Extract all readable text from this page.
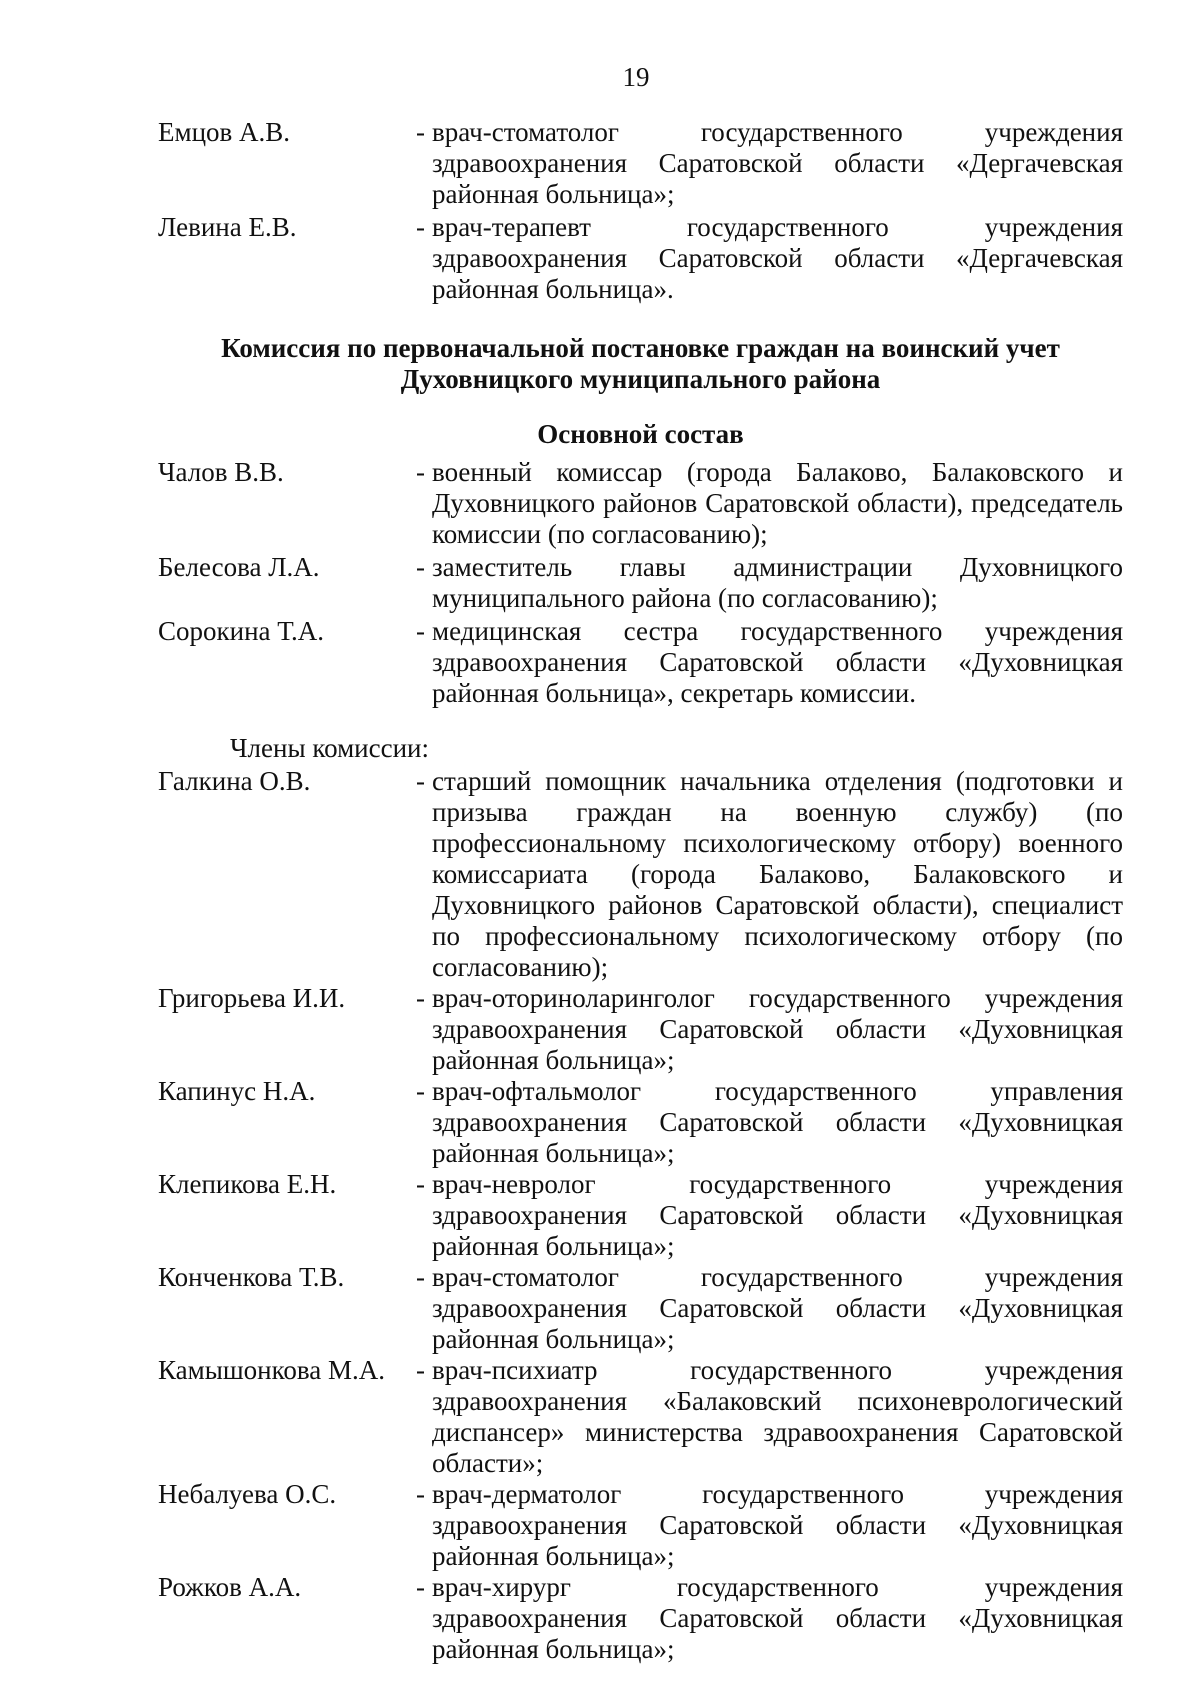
19
Емцов А.В.	- врач-стоматолог государственного учреждения здравоохранения Саратовской области «Дергачевская районная больница»;
Левина Е.В.	- врач-терапевт государственного учреждения здравоохранения Саратовской области «Дергачевская районная больница».
Комиссия по первоначальной постановке граждан на воинский учет Духовницкого муниципального района
Основной состав
Чалов В.В.	- военный комиссар (города Балаково, Балаковского и Духовницкого районов Саратовской области), председатель комиссии (по согласованию);
Белесова Л.А.	- заместитель главы администрации Духовницкого муниципального района (по согласованию);
Сорокина Т.А.	- медицинская сестра государственного учреждения здравоохранения Саратовской области «Духовницкая районная больница», секретарь комиссии.
Члены комиссии:
Галкина О.В.	- старший помощник начальника отделения (подготовки и призыва граждан на военную службу) (по профессиональному психологическому отбору) военного комиссариата (города Балаково, Балаковского и Духовницкого районов Саратовской области), специалист по профессиональному психологическому отбору (по согласованию);
Григорьева И.И.	- врач-оториноларинголог государственного учреждения здравоохранения Саратовской области «Духовницкая районная больница»;
Капинус Н.А.	- врач-офтальмолог государственного управления здравоохранения Саратовской области «Духовницкая районная больница»;
Клепикова Е.Н.	- врач-невролог государственного учреждения здравоохранения Саратовской области «Духовницкая районная больница»;
Конченкова Т.В.	- врач-стоматолог государственного учреждения здравоохранения Саратовской области «Духовницкая районная больница»;
Камышонкова М.А.	- врач-психиатр государственного учреждения здравоохранения «Балаковский психоневрологический диспансер» министерства здравоохранения Саратовской области»;
Небалуева О.С.	- врач-дерматолог государственного учреждения здравоохранения Саратовской области «Духовницкая районная больница»;
Рожков А.А.	- врач-хирург государственного учреждения здравоохранения Саратовской области «Духовницкая районная больница»;
